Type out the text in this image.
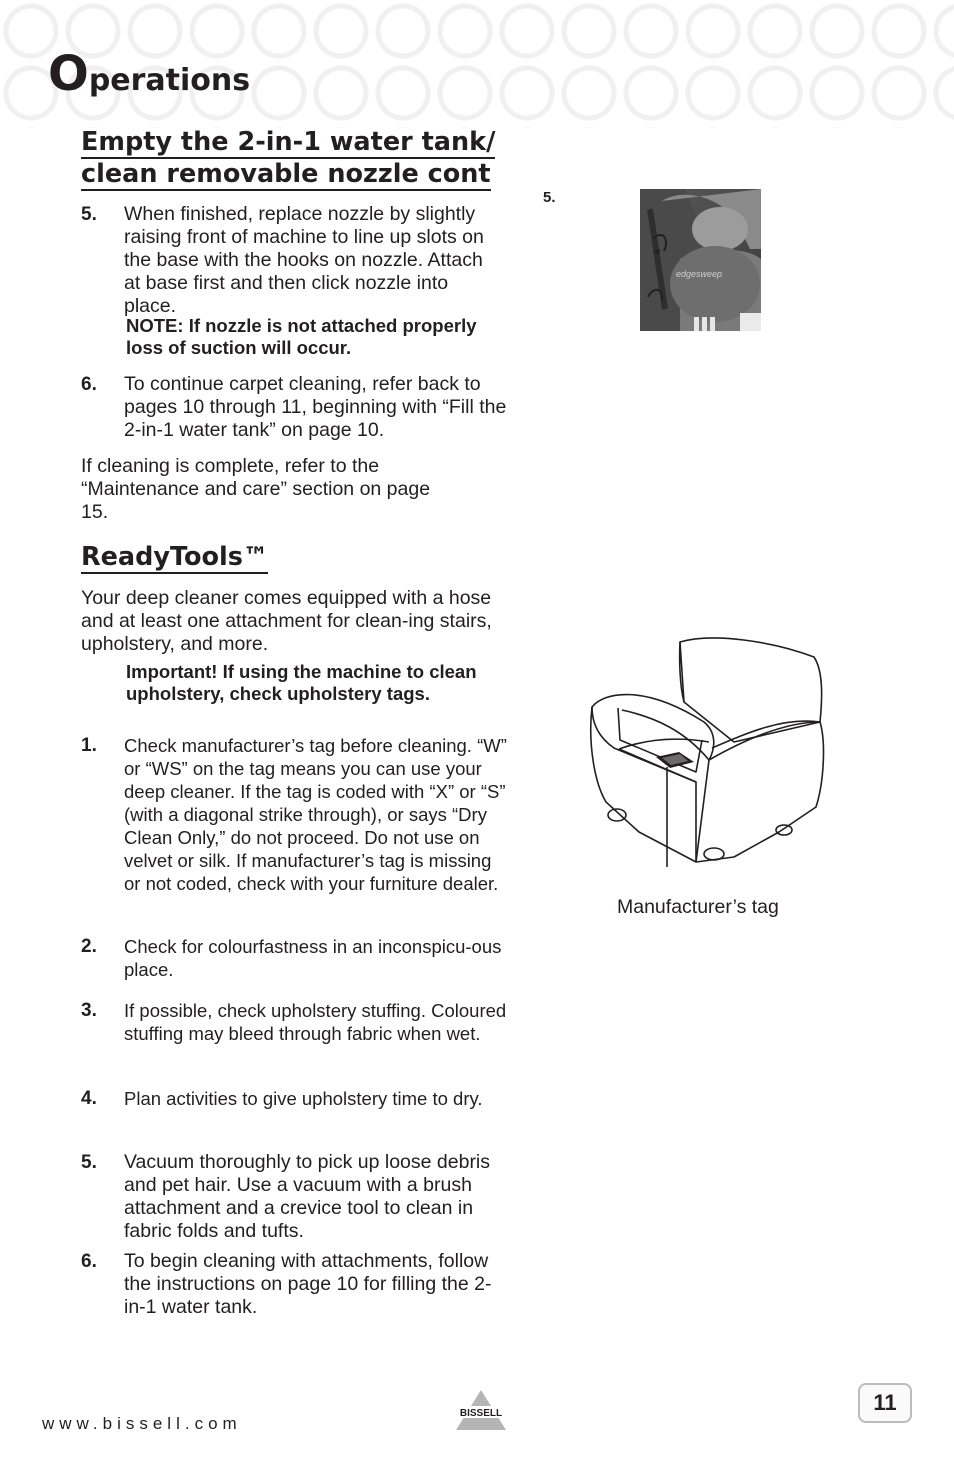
Operations
Empty the 2-in-1 water tank/
clean removable nozzle cont
5. When finished, replace nozzle by slightly raising front of machine to line up slots on the base with the hooks on nozzle. Attach at base first and then click nozzle into place.
NOTE: If nozzle is not attached properly loss of suction will occur.
6. To continue carpet cleaning, refer back to pages 10 through 11, beginning with “Fill the 2-in-1 water tank” on page 10.

If cleaning is complete, refer to the “Maintenance and care” section on page 15.

ReadyTools™

Your deep cleaner comes equipped with a hose and at least one attachment for clean-ing stairs, upholstery, and more.

Important! If using the machine to clean upholstery, check upholstery tags.
1. Check manufacturer’s tag before cleaning. “W” or “WS” on the tag means you can use your deep cleaner. If the tag is coded with “X” or “S” (with a diagonal strike through), or says “Dry Clean Only,” do not proceed. Do not use on velvet or silk. If manufacturer’s tag is missing or not coded, check with your furniture dealer.
2. Check for colourfastness in an inconspicu-ous place.
3. If possible, check upholstery stuffing. Coloured stuffing may bleed through fabric when wet.
4. Plan activities to give upholstery time to dry.
5. Vacuum thoroughly to pick up loose debris and pet hair. Use a vacuum with a brush attachment and a crevice tool to clean in fabric folds and tufts.
6. To begin cleaning with attachments, follow the instructions on page 10 for filling the 2-in-1 water tank.
5.
edgesweep
Manufacturer’s tag
www.bissell.com
BISSELL	11
